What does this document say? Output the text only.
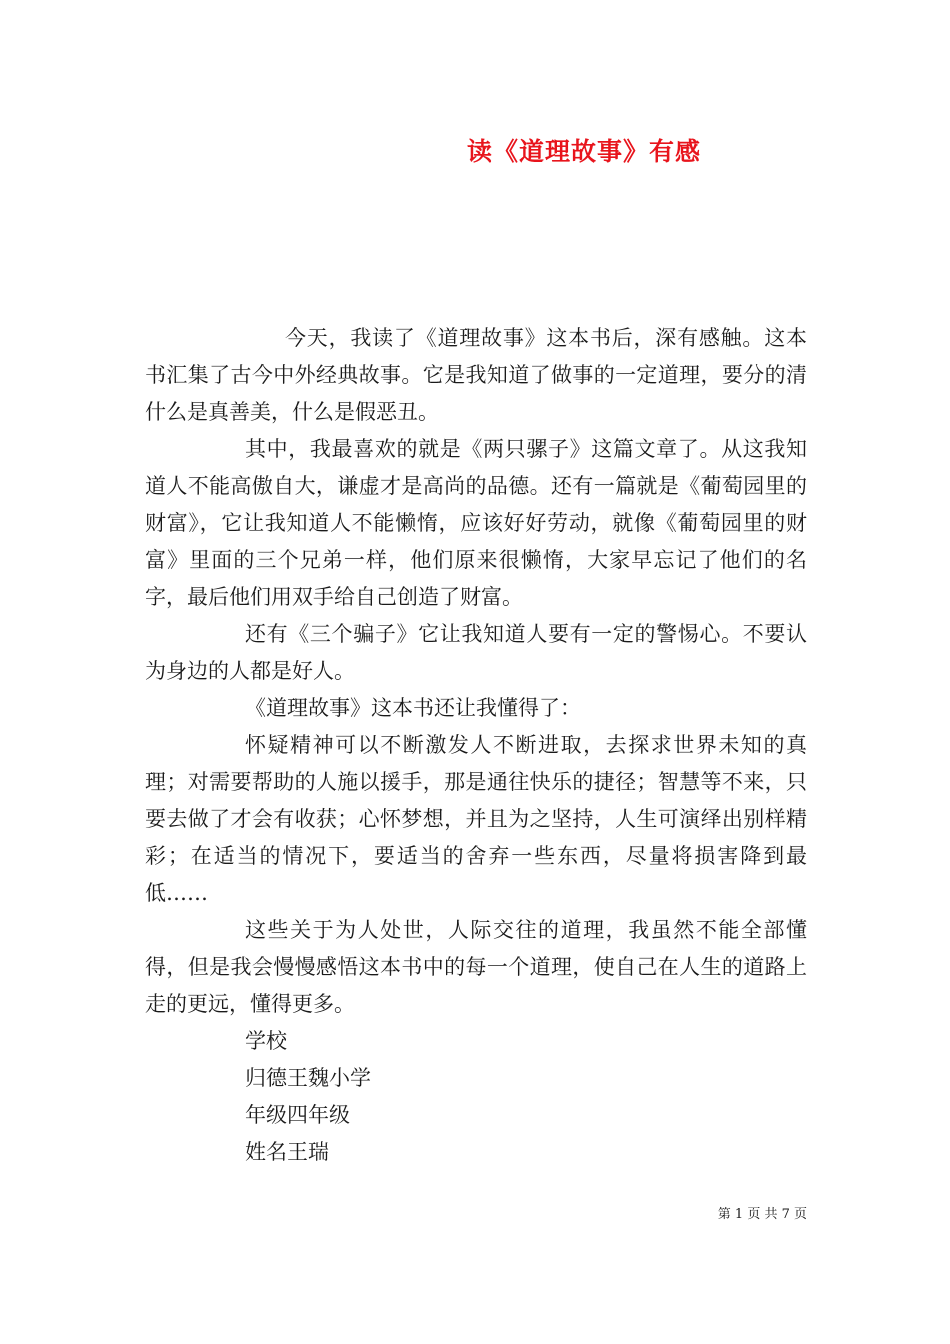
读《道理故事》有感

今天，我读了《道理故事》这本书后，深有感触。这本书汇集了古今中外经典故事。它是我知道了做事的一定道理，要分的清什么是真善美，什么是假恶丑。

其中，我最喜欢的就是《两只骡子》这篇文章了。从这我知道人不能高傲自大，谦虚才是高尚的品德。还有一篇就是《葡萄园里的财富》，它让我知道人不能懒惰，应该好好劳动，就像《葡萄园里的财富》里面的三个兄弟一样，他们原来很懒惰，大家早忘记了他们的名字，最后他们用双手给自己创造了财富。

还有《三个骗子》它让我知道人要有一定的警惕心。不要认为身边的人都是好人。

《道理故事》这本书还让我懂得了：

怀疑精神可以不断激发人不断进取，去探求世界未知的真理；对需要帮助的人施以援手，那是通往快乐的捷径；智慧等不来，只要去做了才会有收获；心怀梦想，并且为之坚持，人生可演绎出别样精彩；在适当的情况下，要适当的舍弃一些东西，尽量将损害降到最低……

这些关于为人处世，人际交往的道理，我虽然不能全部懂得，但是我会慢慢感悟这本书中的每一个道理，使自己在人生的道路上走的更远，懂得更多。

学校

归德王魏小学

年级四年级

姓名王瑞

第 1 页 共 7 页
